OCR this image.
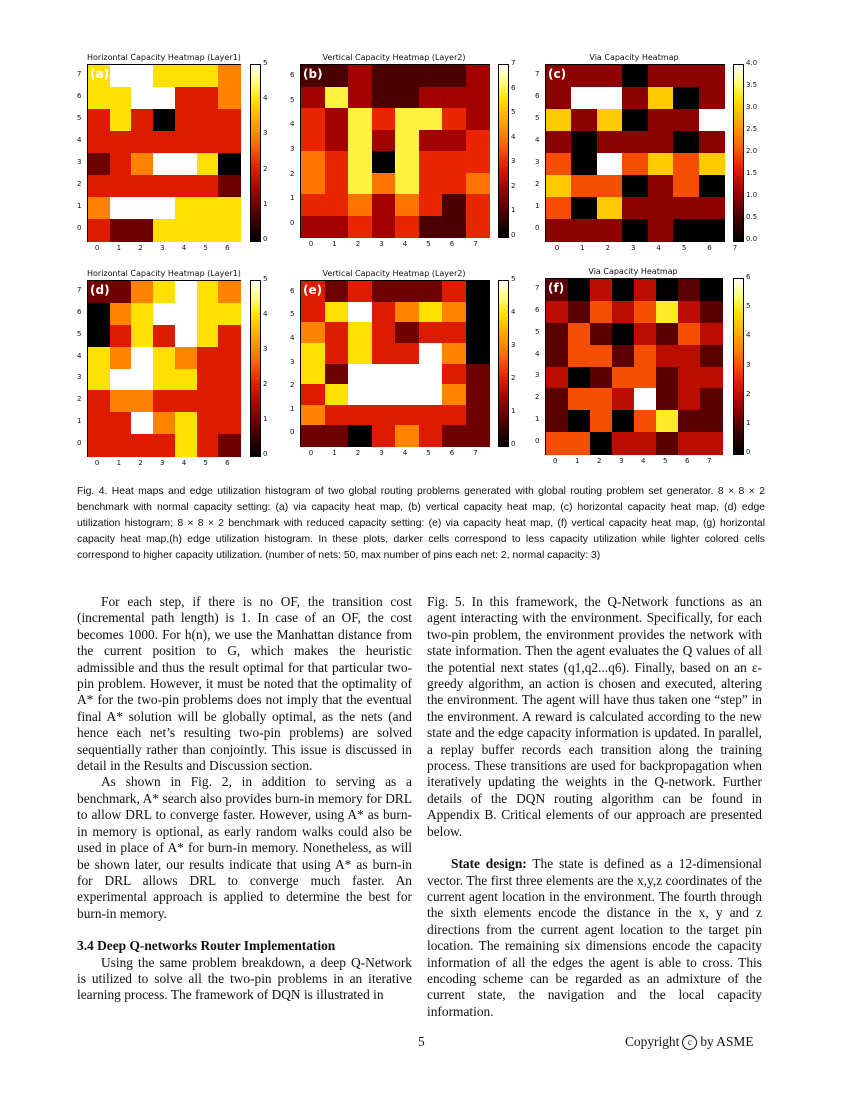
Horizontal Capacity Heatmap (Layer1)
(a)
0 1 2 3 4 5 6
0
1
2
3
4
5
6
7
0
1
2
3
4
5
Vertical Capacity Heatmap (Layer2)
(b)
0	1	2	3	4	5	6	7
0
1
2
3
4
5
6
0
1
2
3
4
5
6
7
Via Capacity Heatmap
(c)
0	1	2	3	4	5	6	7
0
1
2
3
4
5
6
7
0.0
0.5
1.0
1.5
2.0
2.5
3.0
3.5
4.0
Horizontal Capacity Heatmap (Layer1)
(d)
0 1 2 3 4 5 6
0
1
2
3
4
5
6
7
0
1
2
3
4
5
Vertical Capacity Heatmap (Layer2)
(e)
0	1	2	3	4	5	6	7
0
1
2
3
4
5
6
0
1
2
3
4
5
Via Capacity Heatmap
(f)
0	1	2	3	4	5	6	7
0
1
2
3
4
5
6
7
0
1
2
3
4
5
6
Fig. 4. Heat maps and edge utilization histogram of two global routing problems generated with global routing problem set generator. 8 × 8 × 2 benchmark with normal capacity setting: (a) via capacity heat map, (b) vertical capacity heat map, (c) horizontal capacity heat map, (d) edge utilization histogram; 8 × 8 × 2 benchmark with reduced capacity setting: (e) via capacity heat map, (f) vertical capacity heat map, (g) horizontal capacity heat map,(h) edge utilization histogram. In these plots, darker cells correspond to less capacity utilization while lighter colored cells correspond to higher capacity utilization. (number of nets: 50, max number of pins each net: 2, normal capacity: 3)

For each step, if there is no OF, the transition cost (incremental path length) is 1. In case of an OF, the cost becomes 1000. For h(n), we use the Manhattan distance from the current position to G, which makes the heuristic admissible and thus the result optimal for that particular two-pin problem. However, it must be noted that the optimality of A* for the two-pin problems does not imply that the eventual final A* solution will be globally optimal, as the nets (and hence each net’s resulting two-pin problems) are solved sequentially rather than conjointly. This issue is discussed in detail in the Results and Discussion section.

As shown in Fig. 2, in addition to serving as a benchmark, A* search also provides burn-in memory for DRL to allow DRL to converge faster. However, using A* as burn-in memory is optional, as early random walks could also be used in place of A* for burn-in memory. Nonetheless, as will be shown later, our results indicate that using A* as burn-in for DRL allows DRL to converge much faster. An experimental approach is applied to determine the best for burn-in memory.

3.4 Deep Q-networks Router Implementation

Using the same problem breakdown, a deep Q-Network is utilized to solve all the two-pin problems in an iterative learning process. The framework of DQN is illustrated in

Fig. 5. In this framework, the Q-Network functions as an agent interacting with the environment. Specifically, for each two-pin problem, the environment provides the network with state information. Then the agent evaluates the Q values of all the potential next states (q1,q2...q6). Finally, based on an ε-greedy algorithm, an action is chosen and executed, altering the environment. The agent will have thus taken one “step” in the environment. A reward is calculated according to the new state and the edge capacity information is updated. In parallel, a replay buffer records each transition along the training process. These transitions are used for backpropagation when iteratively updating the weights in the Q-network. Further details of the DQN routing algorithm can be found in Appendix B. Critical elements of our approach are presented below.

State design: The state is defined as a 12-dimensional vector. The first three elements are the x,y,z coordinates of the current agent location in the environment. The fourth through the sixth elements encode the distance in the x, y and z directions from the current agent location to the target pin location. The remaining six dimensions encode the capacity information of all the edges the agent is able to cross. This encoding scheme can be regarded as an admixture of the current state, the navigation and the local capacity information.

5	Copyright c by ASME
